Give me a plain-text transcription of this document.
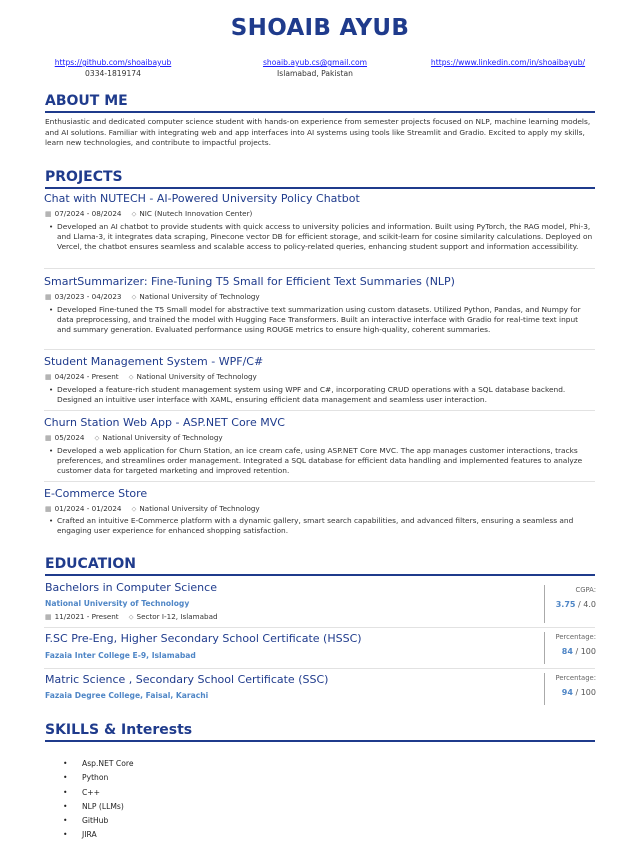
SHOAIB AYUB
https://github.com/shoaibayub
0334-1819174
shoaib.ayub.cs@gmail.com
Islamabad, Pakistan
https://www.linkedin.com/in/shoaibayub/
ABOUT ME
Enthusiastic and dedicated computer science student with hands-on experience from semester projects focused on NLP, machine learning models, and AI solutions. Familiar with integrating web and app interfaces into AI systems using tools like Streamlit and Gradio. Excited to apply my skills, learn new technologies, and contribute to impactful projects.
PROJECTS
Chat with NUTECH - AI-Powered University Policy Chatbot
▦ 07/2024 - 08/2024 ⬦ NIC (Nutech Innovation Center)
• Developed an AI chatbot to provide students with quick access to university policies and information. Built using PyTorch, the RAG model, Phi-3, and Llama-3, it integrates data scraping, Pinecone vector DB for efficient storage, and scikit-learn for cosine similarity calculations. Deployed on Vercel, the chatbot ensures seamless and scalable access to policy-related queries, enhancing student support and information accessibility.
SmartSummarizer: Fine-Tuning T5 Small for Efficient Text Summaries (NLP)
▦ 03/2023 - 04/2023 ⬦ National University of Technology
• Developed Fine-tuned the T5 Small model for abstractive text summarization using custom datasets. Utilized Python, Pandas, and Numpy for data preprocessing, and trained the model with Hugging Face Transformers. Built an interactive interface with Gradio for real-time text input and summary generation. Evaluated performance using ROUGE metrics to ensure high-quality, coherent summaries.
Student Management System - WPF/C#
▦ 04/2024 - Present ⬦ National University of Technology
• Developed a feature-rich student management system using WPF and C#, incorporating CRUD operations with a SQL database backend. Designed an intuitive user interface with XAML, ensuring efficient data management and seamless user interaction.
Churn Station Web App - ASP.NET Core MVC
▦ 05/2024 ⬦ National University of Technology
• Developed a web application for Churn Station, an ice cream cafe, using ASP.NET Core MVC. The app manages customer interactions, tracks preferences, and streamlines order management. Integrated a SQL database for efficient data handling and implemented features to analyze customer data for targeted marketing and improved retention.
E-Commerce Store
▦ 01/2024 - 01/2024 ⬦ National University of Technology
• Crafted an intuitive E-Commerce platform with a dynamic gallery, smart search capabilities, and advanced filters, ensuring a seamless and engaging user experience for enhanced shopping satisfaction.
EDUCATION
Bachelors in Computer Science
National University of Technology
▦ 11/2021 - Present ⬦ Sector I-12, Islamabad
CGPA:
3.75 / 4.0
F.SC Pre-Eng, Higher Secondary School Certificate (HSSC)
Fazaia Inter College E-9, Islamabad
Percentage:
84 / 100
Matric Science , Secondary School Certificate (SSC)
Fazaia Degree College, Faisal, Karachi
Percentage:
94 / 100
SKILLS & Interests
•	Asp.NET Core
•	Python
•	C++
•	NLP (LLMs)
•	GitHub
•	JIRA
